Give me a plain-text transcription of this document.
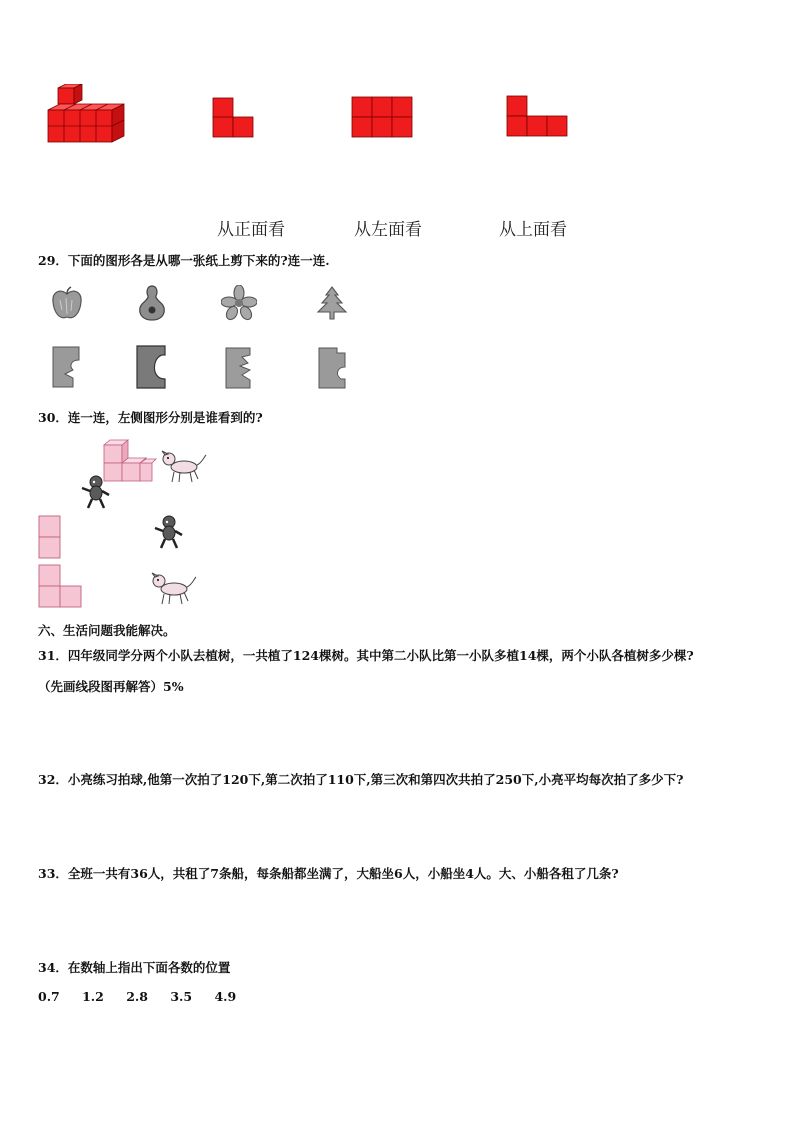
从正面看	从左面看	从上面看
29．下面的图形各是从哪一张纸上剪下来的?连一连.
30．连一连，左侧图形分别是谁看到的?
六、生活问题我能解决。
31．四年级同学分两个小队去植树，一共植了124棵树。其中第二小队比第一小队多植14棵，两个小队各植树多少棵?
（先画线段图再解答）5%
32．小亮练习拍球,他第一次拍了120下,第二次拍了110下,第三次和第四次共拍了250下,小亮平均每次拍了多少下?
33．全班一共有36人，共租了7条船，每条船都坐满了，大船坐6人，小船坐4人。大、小船各租了几条?
34．在数轴上指出下面各数的位置
0.7 1.2 2.8 3.5 4.9
